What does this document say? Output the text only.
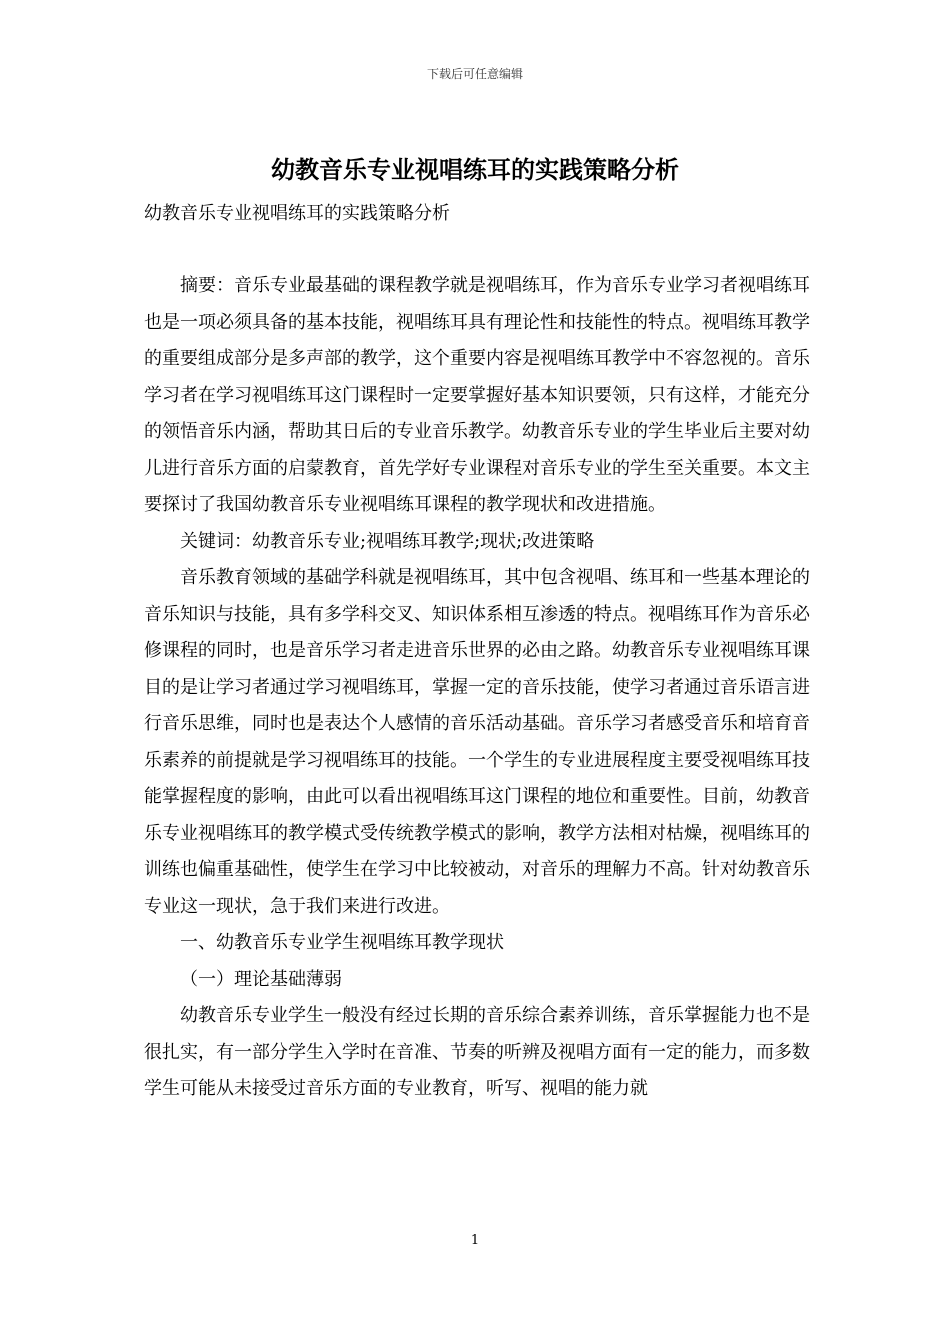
下载后可任意编辑
幼教音乐专业视唱练耳的实践策略分析
幼教音乐专业视唱练耳的实践策略分析

摘要：音乐专业最基础的课程教学就是视唱练耳，作为音乐专业学习者视唱练耳也是一项必须具备的基本技能，视唱练耳具有理论性和技能性的特点。视唱练耳教学的重要组成部分是多声部的教学，这个重要内容是视唱练耳教学中不容忽视的。音乐学习者在学习视唱练耳这门课程时一定要掌握好基本知识要领，只有这样，才能充分的领悟音乐内涵，帮助其日后的专业音乐教学。幼教音乐专业的学生毕业后主要对幼儿进行音乐方面的启蒙教育，首先学好专业课程对音乐专业的学生至关重要。本文主要探讨了我国幼教音乐专业视唱练耳课程的教学现状和改进措施。

关键词：幼教音乐专业;视唱练耳教学;现状;改进策略

音乐教育领域的基础学科就是视唱练耳，其中包含视唱、练耳和一些基本理论的音乐知识与技能，具有多学科交叉、知识体系相互渗透的特点。视唱练耳作为音乐必修课程的同时，也是音乐学习者走进音乐世界的必由之路。幼教音乐专业视唱练耳课目的是让学习者通过学习视唱练耳，掌握一定的音乐技能，使学习者通过音乐语言进行音乐思维，同时也是表达个人感情的音乐活动基础。音乐学习者感受音乐和培育音乐素养的前提就是学习视唱练耳的技能。一个学生的专业进展程度主要受视唱练耳技能掌握程度的影响，由此可以看出视唱练耳这门课程的地位和重要性。目前，幼教音乐专业视唱练耳的教学模式受传统教学模式的影响，教学方法相对枯燥，视唱练耳的训练也偏重基础性，使学生在学习中比较被动，对音乐的理解力不高。针对幼教音乐专业这一现状，急于我们来进行改进。

一、幼教音乐专业学生视唱练耳教学现状

（一）理论基础薄弱

幼教音乐专业学生一般没有经过长期的音乐综合素养训练，音乐掌握能力也不是很扎实，有一部分学生入学时在音准、节奏的听辨及视唱方面有一定的能力，而多数学生可能从未接受过音乐方面的专业教育，听写、视唱的能力就

1
